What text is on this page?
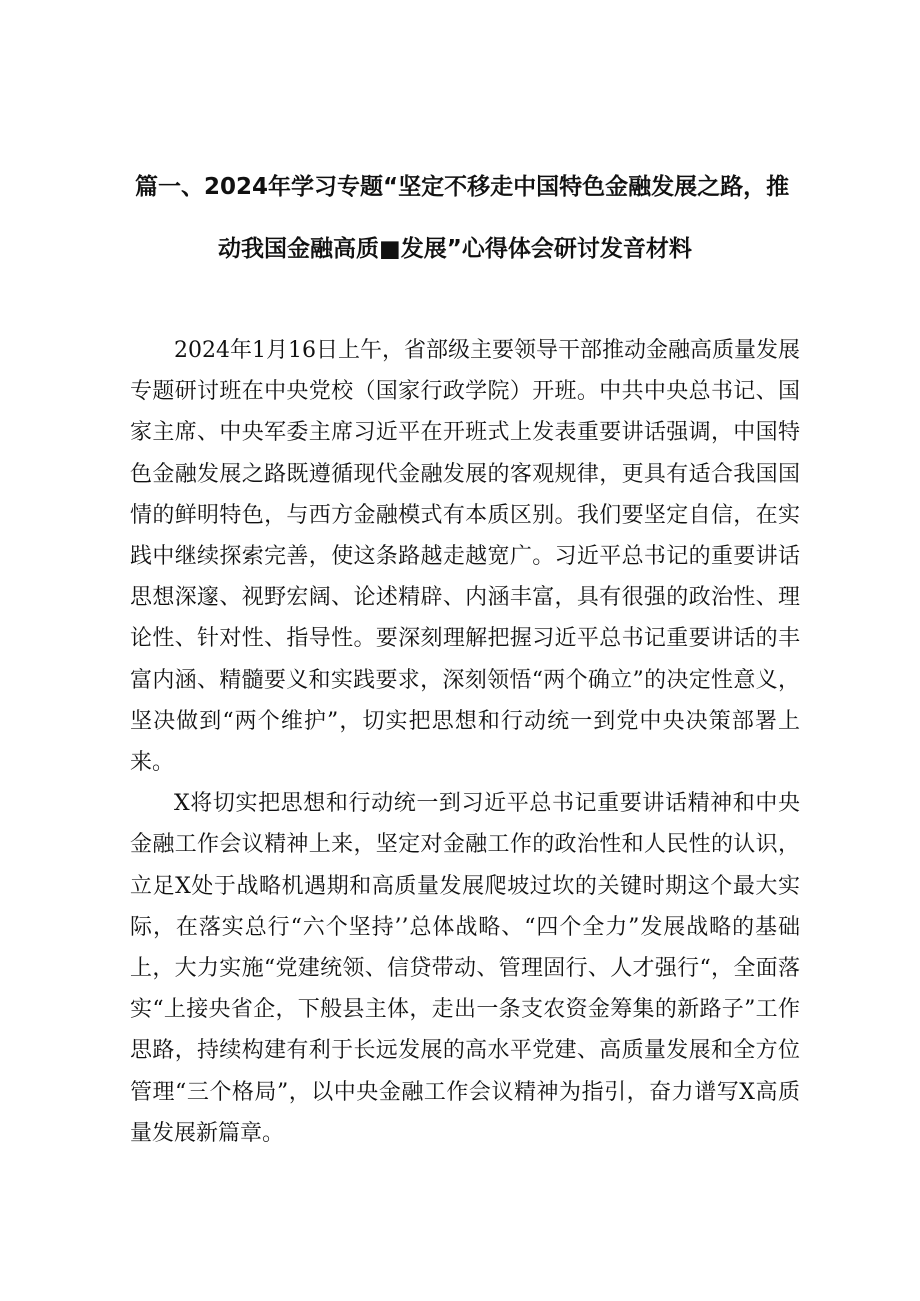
篇一、2024年学习专题“坚定不移走中国特色金融发展之路，推
动我国金融高质■发展”心得体会研讨发音材料

2024年1月16日上午，省部级主要领导干部推动金融高质量发展专题研讨班在中央党校（国家行政学院）开班。中共中央总书记、国家主席、中央军委主席习近平在开班式上发表重要讲话强调，中国特色金融发展之路既遵循现代金融发展的客观规律，更具有适合我国国情的鲜明特色，与西方金融模式有本质区别。我们要坚定自信，在实践中继续探索完善，使这条路越走越宽广。习近平总书记的重要讲话思想深邃、视野宏阔、论述精辟、内涵丰富，具有很强的政治性、理论性、针对性、指导性。要深刻理解把握习近平总书记重要讲话的丰富内涵、精髓要义和实践要求，深刻领悟“两个确立”的决定性意义，坚决做到“两个维护”，切实把思想和行动统一到党中央决策部署上来。

X将切实把思想和行动统一到习近平总书记重要讲话精神和中央金融工作会议精神上来，坚定对金融工作的政治性和人民性的认识，立足X处于战略机遇期和高质量发展爬坡过坎的关键时期这个最大实际，在落实总行“六个坚持’’总体战略、“四个全力”发展战略的基础上，大力实施“党建统领、信贷带动、管理固行、人才强行“，全面落实“上接央省企，下般县主体，走出一条支农资金筹集的新路子”工作思路，持续构建有利于长远发展的高水平党建、高质量发展和全方位管理“三个格局”，以中央金融工作会议精神为指引，奋力谱写X高质量发展新篇章。
